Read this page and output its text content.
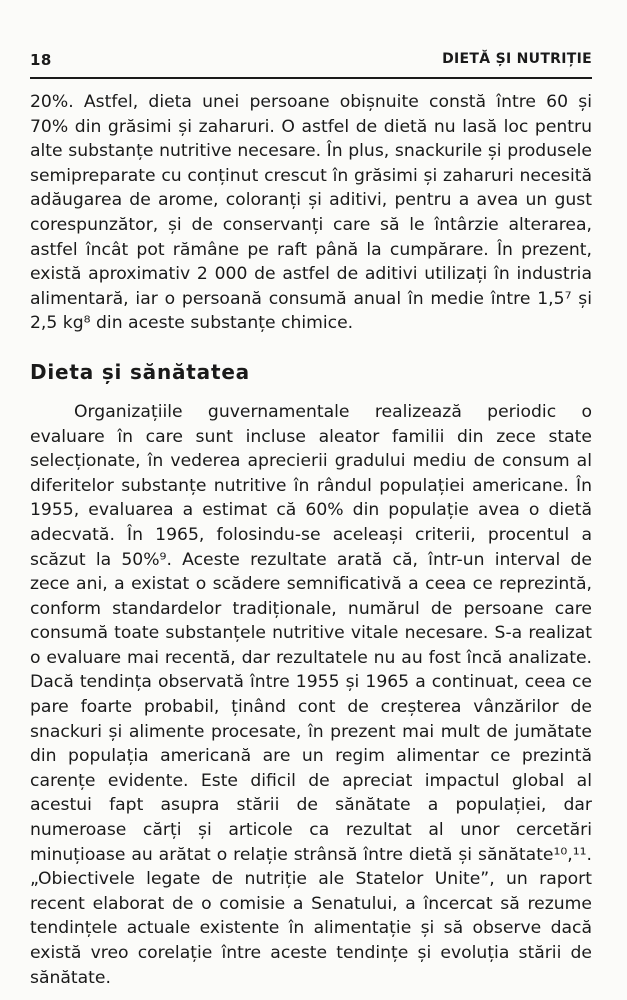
18	DIETĂ ȘI NUTRIȚIE

20%. Astfel, dieta unei persoane obișnuite constă între 60 și 70% din grăsimi și zaharuri. O astfel de dietă nu lasă loc pentru alte substanțe nutritive necesare. În plus, snackurile și produsele semipreparate cu conținut crescut în grăsimi și zaharuri necesită adăugarea de arome, coloranți și aditivi, pentru a avea un gust corespunzător, și de conservanți care să le întârzie alterarea, astfel încât pot rămâne pe raft până la cumpărare. În prezent, există aproximativ 2 000 de astfel de aditivi utilizați în industria alimentară, iar o persoană consumă anual în medie între 1,5⁷ și 2,5 kg⁸ din aceste substanțe chimice.

Dieta și sănătatea

Organizațiile guvernamentale realizează periodic o evaluare în care sunt incluse aleator familii din zece state selecționate, în vederea aprecierii gradului mediu de consum al diferitelor substanțe nutritive în rândul populației americane. În 1955, evaluarea a estimat că 60% din populație avea o dietă adecvată. În 1965, folosindu-se aceleași criterii, procentul a scăzut la 50%⁹. Aceste rezultate arată că, într-un interval de zece ani, a existat o scădere semnificativă a ceea ce reprezintă, conform standardelor tradiționale, numărul de persoane care consumă toate substanțele nutritive vitale necesare. S-a realizat o evaluare mai recentă, dar rezultatele nu au fost încă analizate. Dacă tendința observată între 1955 și 1965 a continuat, ceea ce pare foarte probabil, ținând cont de creșterea vânzărilor de snackuri și alimente procesate, în prezent mai mult de jumătate din populația americană are un regim alimentar ce prezintă carențe evidente. Este dificil de apreciat impactul global al acestui fapt asupra stării de sănătate a populației, dar numeroase cărți și articole ca rezultat al unor cercetări minuțioase au arătat o relație strânsă între dietă și sănătate¹⁰,¹¹. „Obiectivele legate de nutriție ale Statelor Unite”, un raport recent elaborat de o comisie a Senatului, a încercat să rezume tendințele actuale existente în alimentație și să observe dacă există vreo corelație între aceste tendințe și evoluția stării de sănătate.
